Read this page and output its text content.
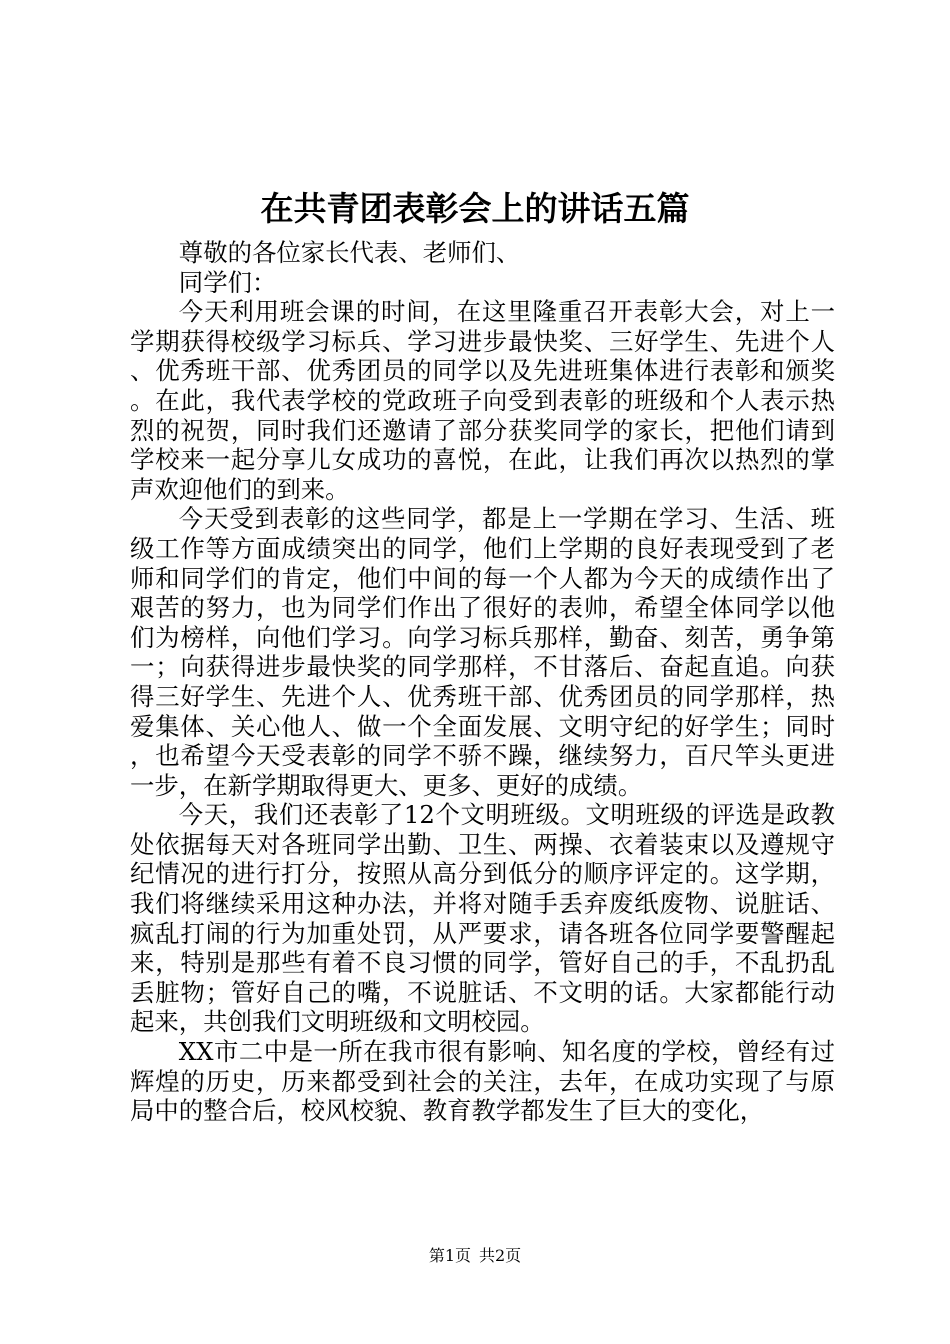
在共青团表彰会上的讲话五篇

尊敬的各位家长代表、老师们、

同学们：

今天利用班会课的时间，在这里隆重召开表彰大会，对上一学期获得校级学习标兵、学习进步最快奖、三好学生、先进个人、优秀班干部、优秀团员的同学以及先进班集体进行表彰和颁奖。在此，我代表学校的党政班子向受到表彰的班级和个人表示热烈的祝贺，同时我们还邀请了部分获奖同学的家长，把他们请到学校来一起分享儿女成功的喜悦，在此，让我们再次以热烈的掌声欢迎他们的到来。

今天受到表彰的这些同学，都是上一学期在学习、生活、班级工作等方面成绩突出的同学，他们上学期的良好表现受到了老师和同学们的肯定，他们中间的每一个人都为今天的成绩作出了艰苦的努力，也为同学们作出了很好的表帅，希望全体同学以他们为榜样，向他们学习。向学习标兵那样，勤奋、刻苦，勇争第一；向获得进步最快奖的同学那样，不甘落后、奋起直追。向获得三好学生、先进个人、优秀班干部、优秀团员的同学那样，热爱集体、关心他人、做一个全面发展、文明守纪的好学生；同时，也希望今天受表彰的同学不骄不躁，继续努力，百尺竿头更进一步，在新学期取得更大、更多、更好的成绩。

今天，我们还表彰了12个文明班级。文明班级的评选是政教处依据每天对各班同学出勤、卫生、两操、衣着装束以及遵规守纪情况的进行打分，按照从高分到低分的顺序评定的。这学期，我们将继续采用这种办法，并将对随手丢弃废纸废物、说脏话、疯乱打闹的行为加重处罚，从严要求，请各班各位同学要警醒起来，特别是那些有着不良习惯的同学，管好自己的手，不乱扔乱丢脏物；管好自己的嘴，不说脏话、不文明的话。大家都能行动起来，共创我们文明班级和文明校园。

XX市二中是一所在我市很有影响、知名度的学校，曾经有过辉煌的历史，历来都受到社会的关注，去年，在成功实现了与原局中的整合后，校风校貌、教育教学都发生了巨大的变化，

第1页 共2页
